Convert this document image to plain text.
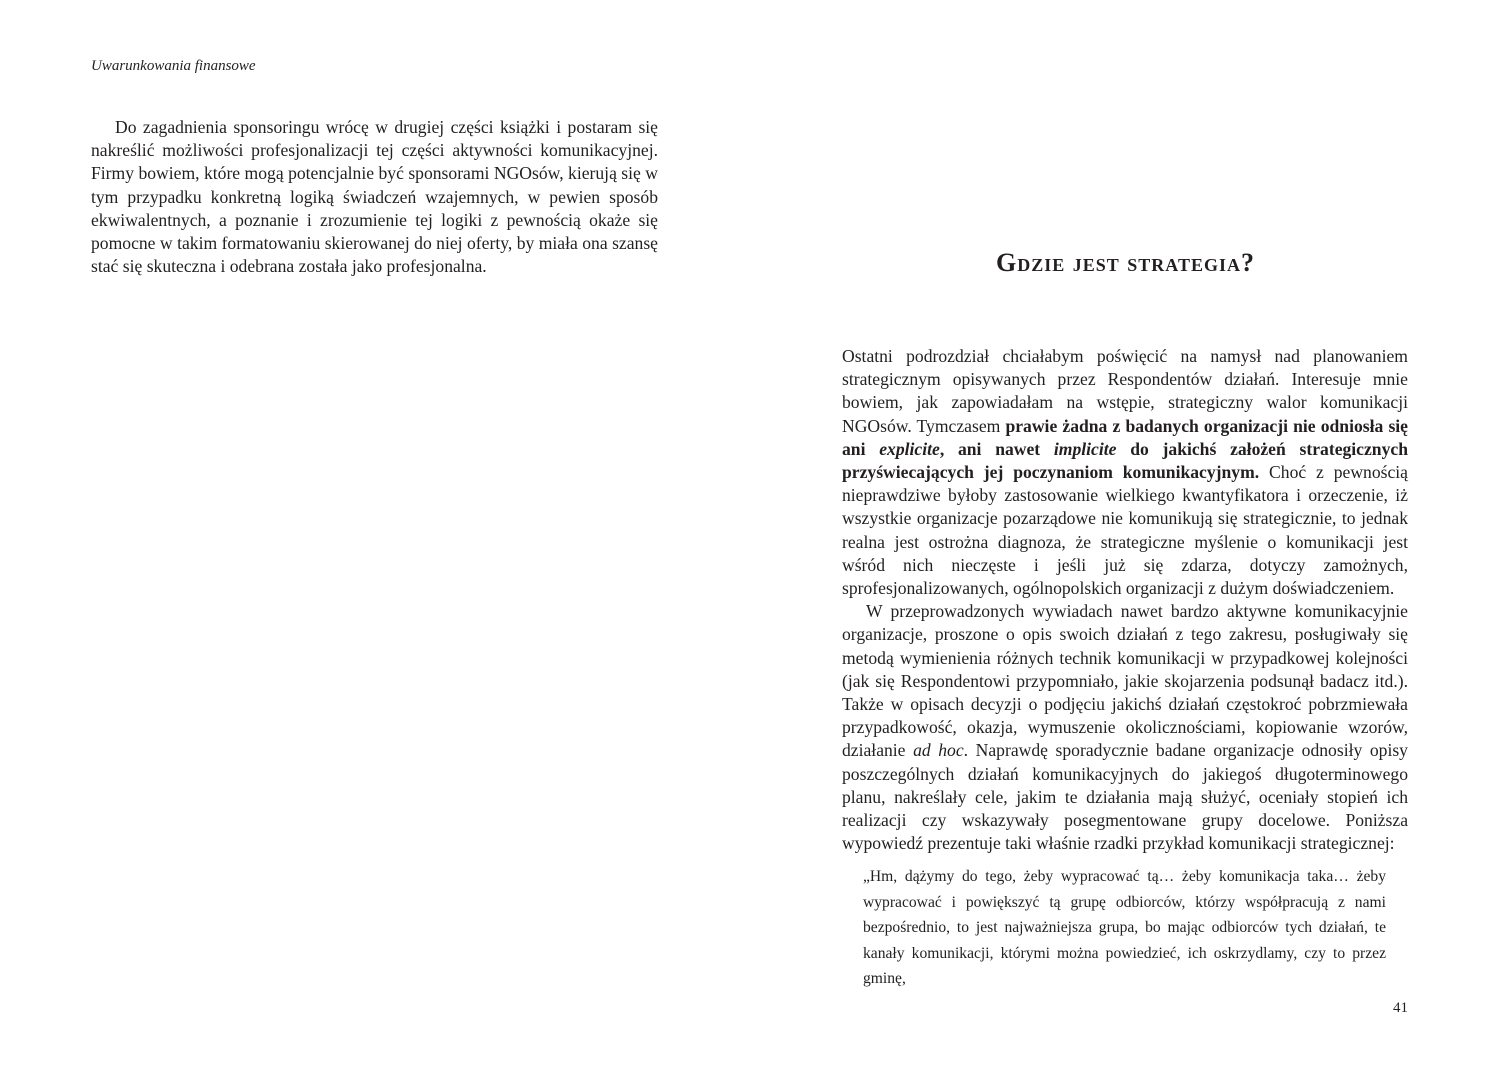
Uwarunkowania finansowe

Do zagadnienia sponsoringu wrócę w drugiej części książki i postaram się nakreślić możliwości profesjonalizacji tej części aktywności komunikacyjnej. Firmy bowiem, które mogą potencjalnie być sponsorami NGOsów, kierują się w tym przypadku konkretną logiką świadczeń wzajemnych, w pewien sposób ekwiwalentnych, a poznanie i zrozumienie tej logiki z pewnością okaże się pomocne w takim formatowaniu skierowanej do niej oferty, by miała ona szansę stać się skuteczna i odebrana została jako profesjonalna.	Gdzie jest strategia?

Ostatni podrozdział chciałabym poświęcić na namysł nad planowaniem strategicznym opisywanych przez Respondentów działań. Interesuje mnie bowiem, jak zapowiadałam na wstępie, strategiczny walor komunikacji NGOsów. Tymczasem prawie żadna z badanych organizacji nie odniosła się ani explicite, ani nawet implicite do jakichś założeń strategicznych przyświecających jej poczynaniom komunikacyjnym. Choć z pewnością nieprawdziwe byłoby zastosowanie wielkiego kwantyfikatora i orzeczenie, iż wszystkie organizacje pozarządowe nie komunikują się strategicznie, to jednak realna jest ostrożna diagnoza, że strategiczne myślenie o komunikacji jest wśród nich nieczęste i jeśli już się zdarza, dotyczy zamożnych, sprofesjonalizowanych, ogólnopolskich organizacji z dużym doświadczeniem.

W przeprowadzonych wywiadach nawet bardzo aktywne komunikacyjnie organizacje, proszone o opis swoich działań z tego zakresu, posługiwały się metodą wymienienia różnych technik komunikacji w przypadkowej kolejności (jak się Respondentowi przypomniało, jakie skojarzenia podsunął badacz itd.). Także w opisach decyzji o podjęciu jakichś działań częstokroć pobrzmiewała przypadkowość, okazja, wymuszenie okolicznościami, kopiowanie wzorów, działanie ad hoc. Naprawdę sporadycznie badane organizacje odnosiły opisy poszczególnych działań komunikacyjnych do jakiegoś długoterminowego planu, nakreślały cele, jakim te działania mają służyć, oceniały stopień ich realizacji czy wskazywały posegmentowane grupy docelowe. Poniższa wypowiedź prezentuje taki właśnie rzadki przykład komunikacji strategicznej:

„Hm, dążymy do tego, żeby wypracować tą… żeby komunikacja taka… żeby wypracować i powiększyć tą grupę odbiorców, którzy współpracują z nami bezpośrednio, to jest najważniejsza grupa, bo mając odbiorców tych działań, te kanały komunikacji, którymi można powiedzieć, ich oskrzydlamy, czy to przez gminę,

41
